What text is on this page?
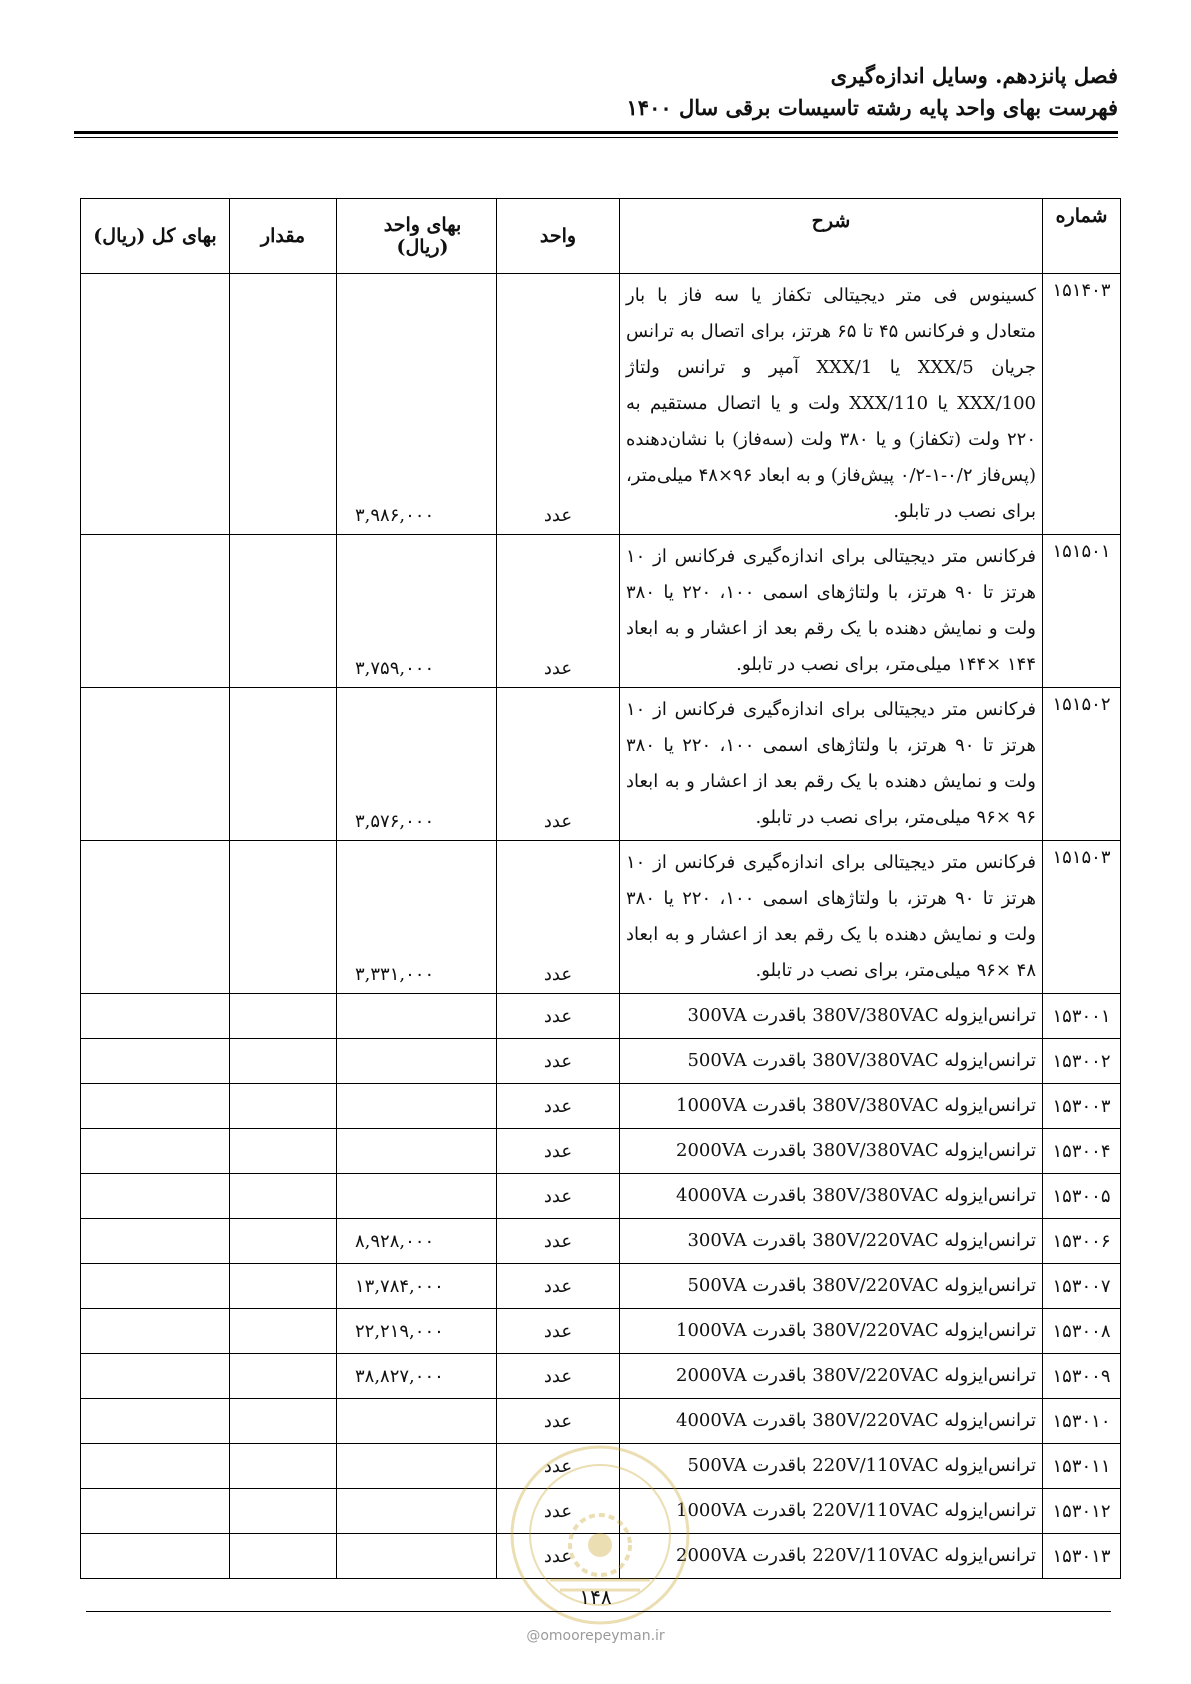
فصل پانزدهم. وسایل اندازه‌گیری
فهرست بهای واحد پایه رشته تاسیسات برقی سال ۱۴۰۰
شماره	شرح	واحد	بهای واحد (ریال)	مقدار	بهای کل (ریال)
۱۵۱۴۰۳	کسینوس فی متر دیجیتالی تکفاز یا سه فاز با بار متعادل و فرکانس ۴۵ تا ۶۵ هرتز، برای اتصال به ترانس جریان XXX/5 یا XXX/1 آمپر و ترانس ولتاژ XXX/100 یا XXX/110 ولت و یا اتصال مستقیم به ۲۲۰ ولت (تکفاز) و یا ۳۸۰ ولت (سه‌فاز) با نشان‌دهنده (پس‌فاز ۰/۲-۱-۰/۲ پیش‌فاز) و به ابعاد ۹۶×۴۸ میلی‌متر، برای نصب در تابلو.	عدد	۳,۹۸۶,۰۰۰		
۱۵۱۵۰۱	فرکانس متر دیجیتالی برای اندازه‌گیری فرکانس از ۱۰ هرتز تا ۹۰ هرتز، با ولتاژهای اسمی ۱۰۰، ۲۲۰ یا ۳۸۰ ولت و نمایش دهنده با یک رقم بعد از اعشار و به ابعاد ۱۴۴ ×۱۴۴ میلی‌متر، برای نصب در تابلو.	عدد	۳,۷۵۹,۰۰۰		
۱۵۱۵۰۲	فرکانس متر دیجیتالی برای اندازه‌گیری فرکانس از ۱۰ هرتز تا ۹۰ هرتز، با ولتاژهای اسمی ۱۰۰، ۲۲۰ یا ۳۸۰ ولت و نمایش دهنده با یک رقم بعد از اعشار و به ابعاد ۹۶ ×۹۶ میلی‌متر، برای نصب در تابلو.	عدد	۳,۵۷۶,۰۰۰		
۱۵۱۵۰۳	فرکانس متر دیجیتالی برای اندازه‌گیری فرکانس از ۱۰ هرتز تا ۹۰ هرتز، با ولتاژهای اسمی ۱۰۰، ۲۲۰ یا ۳۸۰ ولت و نمایش دهنده با یک رقم بعد از اعشار و به ابعاد ۴۸ ×۹۶ میلی‌متر، برای نصب در تابلو.	عدد	۳,۳۳۱,۰۰۰		
۱۵۳۰۰۱	ترانس‌ایزوله 380V/380VAC باقدرت 300VA	عدد			
۱۵۳۰۰۲	ترانس‌ایزوله 380V/380VAC باقدرت 500VA	عدد			
۱۵۳۰۰۳	ترانس‌ایزوله 380V/380VAC باقدرت 1000VA	عدد			
۱۵۳۰۰۴	ترانس‌ایزوله 380V/380VAC باقدرت 2000VA	عدد			
۱۵۳۰۰۵	ترانس‌ایزوله 380V/380VAC باقدرت 4000VA	عدد			
۱۵۳۰۰۶	ترانس‌ایزوله 380V/220VAC باقدرت 300VA	عدد	۸,۹۲۸,۰۰۰		
۱۵۳۰۰۷	ترانس‌ایزوله 380V/220VAC باقدرت 500VA	عدد	۱۳,۷۸۴,۰۰۰		
۱۵۳۰۰۸	ترانس‌ایزوله 380V/220VAC باقدرت 1000VA	عدد	۲۲,۲۱۹,۰۰۰		
۱۵۳۰۰۹	ترانس‌ایزوله 380V/220VAC باقدرت 2000VA	عدد	۳۸,۸۲۷,۰۰۰		
۱۵۳۰۱۰	ترانس‌ایزوله 380V/220VAC باقدرت 4000VA	عدد			
۱۵۳۰۱۱	ترانس‌ایزوله 220V/110VAC باقدرت 500VA	عدد			
۱۵۳۰۱۲	ترانس‌ایزوله 220V/110VAC باقدرت 1000VA	عدد			
۱۵۳۰۱۳	ترانس‌ایزوله 220V/110VAC باقدرت 2000VA	عدد			
۱۴۸
@omoorepeyman.ir
